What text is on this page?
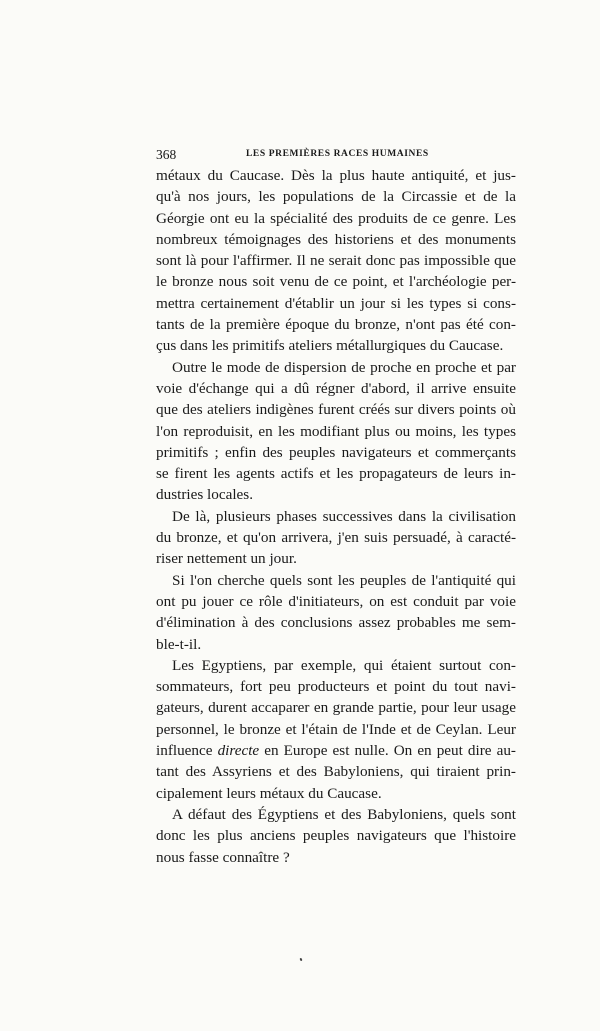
368	LES PREMIÈRES RACES HUMAINES
métaux du Caucase. Dès la plus haute antiquité, et jus-
qu'à nos jours, les populations de la Circassie et de la
Géorgie ont eu la spécialité des produits de ce genre. Les
nombreux témoignages des historiens et des monuments
sont là pour l'affirmer. Il ne serait donc pas impossible que
le bronze nous soit venu de ce point, et l'archéologie per-
mettra certainement d'établir un jour si les types si cons-
tants de la première époque du bronze, n'ont pas été con-
çus dans les primitifs ateliers métallurgiques du Caucase.
Outre le mode de dispersion de proche en proche et par
voie d'échange qui a dû régner d'abord, il arrive ensuite
que des ateliers indigènes furent créés sur divers points où
l'on reproduisit, en les modifiant plus ou moins, les types
primitifs ; enfin des peuples navigateurs et commerçants
se firent les agents actifs et les propagateurs de leurs in-
dustries locales.
De là, plusieurs phases successives dans la civilisation
du bronze, et qu'on arrivera, j'en suis persuadé, à caracté-
riser nettement un jour.
Si l'on cherche quels sont les peuples de l'antiquité qui
ont pu jouer ce rôle d'initiateurs, on est conduit par voie
d'élimination à des conclusions assez probables me sem-
ble-t-il.
Les Egyptiens, par exemple, qui étaient surtout con-
sommateurs, fort peu producteurs et point du tout navi-
gateurs, durent accaparer en grande partie, pour leur usage
personnel, le bronze et l'étain de l'Inde et de Ceylan. Leur
influence directe en Europe est nulle. On en peut dire au-
tant des Assyriens et des Babyloniens, qui tiraient prin-
cipalement leurs métaux du Caucase.
A défaut des Égyptiens et des Babyloniens, quels sont
donc les plus anciens peuples navigateurs que l'histoire
nous fasse connaître ?
